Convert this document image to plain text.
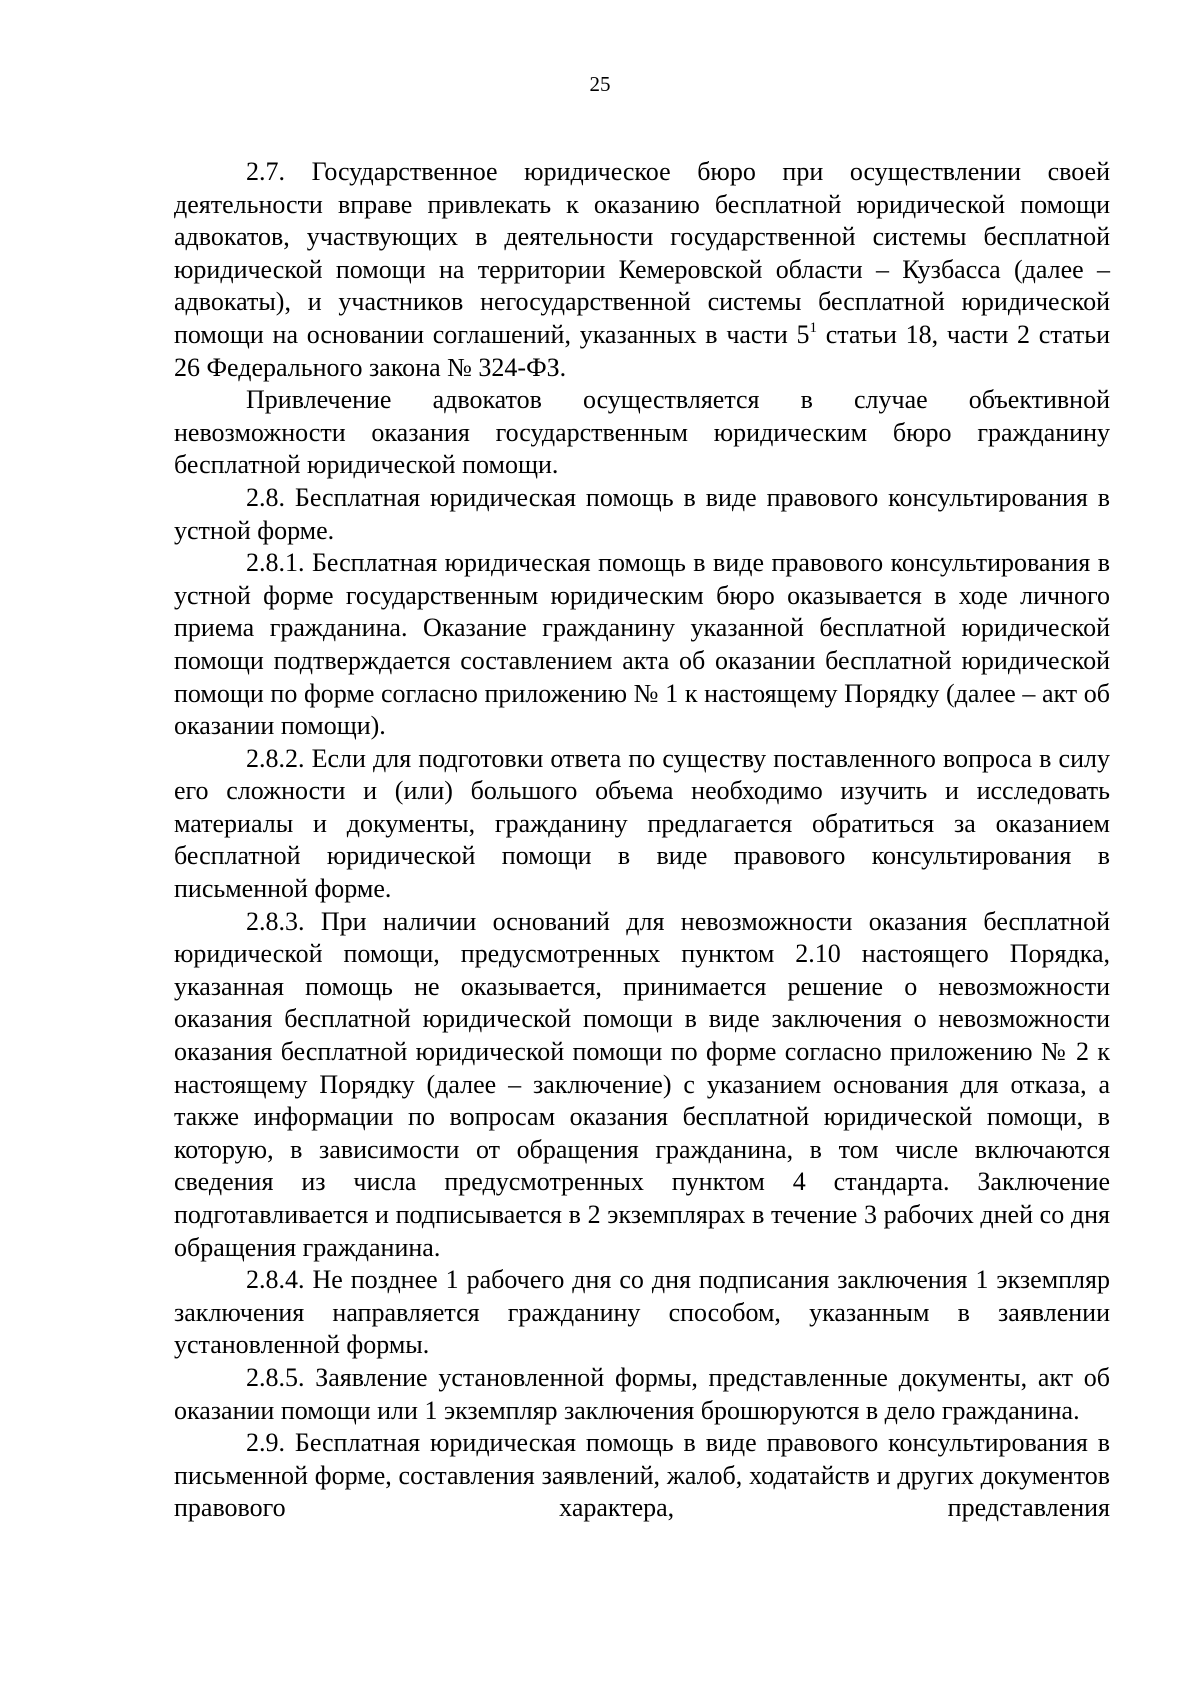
25

2.7. Государственное юридическое бюро при осуществлении своей деятельности вправе привлекать к оказанию бесплатной юридической помощи адвокатов, участвующих в деятельности государственной системы бесплатной юридической помощи на территории Кемеровской области – Кузбасса (далее – адвокаты), и участников негосударственной системы бесплатной юридической помощи на основании соглашений, указанных в части $5^1$ статьи 18, части 2 статьи 26 Федерального закона № 324-ФЗ.

Привлечение адвокатов осуществляется в случае объективной невозможности оказания государственным юридическим бюро гражданину бесплатной юридической помощи.

2.8. Бесплатная юридическая помощь в виде правового консультирования в устной форме.

2.8.1. Бесплатная юридическая помощь в виде правового консультирования в устной форме государственным юридическим бюро оказывается в ходе личного приема гражданина. Оказание гражданину указанной бесплатной юридической помощи подтверждается составлением акта об оказании бесплатной юридической помощи по форме согласно приложению № 1 к настоящему Порядку (далее – акт об оказании помощи).

2.8.2. Если для подготовки ответа по существу поставленного вопроса в силу его сложности и (или) большого объема необходимо изучить и исследовать материалы и документы, гражданину предлагается обратиться за оказанием бесплатной юридической помощи в виде правового консультирования в письменной форме.

2.8.3. При наличии оснований для невозможности оказания бесплатной юридической помощи, предусмотренных пунктом 2.10 настоящего Порядка, указанная помощь не оказывается, принимается решение о невозможности оказания бесплатной юридической помощи в виде заключения о невозможности оказания бесплатной юридической помощи по форме согласно приложению № 2 к настоящему Порядку (далее – заключение) с указанием основания для отказа, а также информации по вопросам оказания бесплатной юридической помощи, в которую, в зависимости от обращения гражданина, в том числе включаются сведения из числа предусмотренных пунктом 4 стандарта. Заключение подготавливается и подписывается в 2 экземплярах в течение 3 рабочих дней со дня обращения гражданина.

2.8.4. Не позднее 1 рабочего дня со дня подписания заключения 1 экземпляр заключения направляется гражданину способом, указанным в заявлении установленной формы.

2.8.5. Заявление установленной формы, представленные документы, акт об оказании помощи или 1 экземпляр заключения брошюруются в дело гражданина.

2.9. Бесплатная юридическая помощь в виде правового консультирования в письменной форме, составления заявлений, жалоб, ходатайств и других документов правового характера, представления
